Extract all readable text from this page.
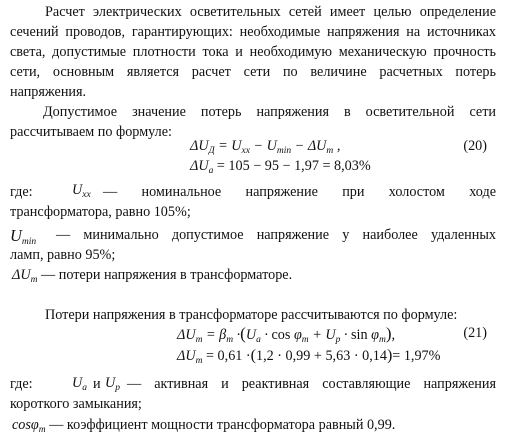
Расчет электрических осветительных сетей имеет целью определение
сечений проводов, гарантирующих: необходимые напряжения на источниках
света, допустимые плотности тока и необходимую механическую прочность
сети, основным является расчет сети по величине расчетных потерь
напряжения.
Допустимое значение потерь напряжения в осветительной сети
рассчитываем по формуле:
$\Delta U_Д = U_{xx} - U_{min} - \Delta U_т$ ,	(20)
$\Delta U_a = 105 - 95 - 1,97 = 8,03\%$
где:	$U_{xx}$ — номинальное напряжение при холостом ходе
трансформатора, равно 105%;
$U_{min}$ — минимально допустимое напряжение у наиболее удаленных
ламп, равно 95%;
$\Delta U_т$ — потери напряжения в трансформаторе.
Потери напряжения в трансформаторе рассчитываются по формуле:
$\Delta U_т = \beta_m \cdot(U_a \cdot \cos \varphi_т + U_p \cdot \sin \varphi_т)$,	(21)
$\Delta U_т = 0,61 \cdot(1,2 \cdot 0,99 + 5,63 \cdot 0,14)= 1,97\%$
где:	$U_a$ и $U_p$ — активная и реактивная составляющие напряжения
короткого замыкания;
cosφ$_т$ — коэффициент мощности трансформатора равный 0,99.
